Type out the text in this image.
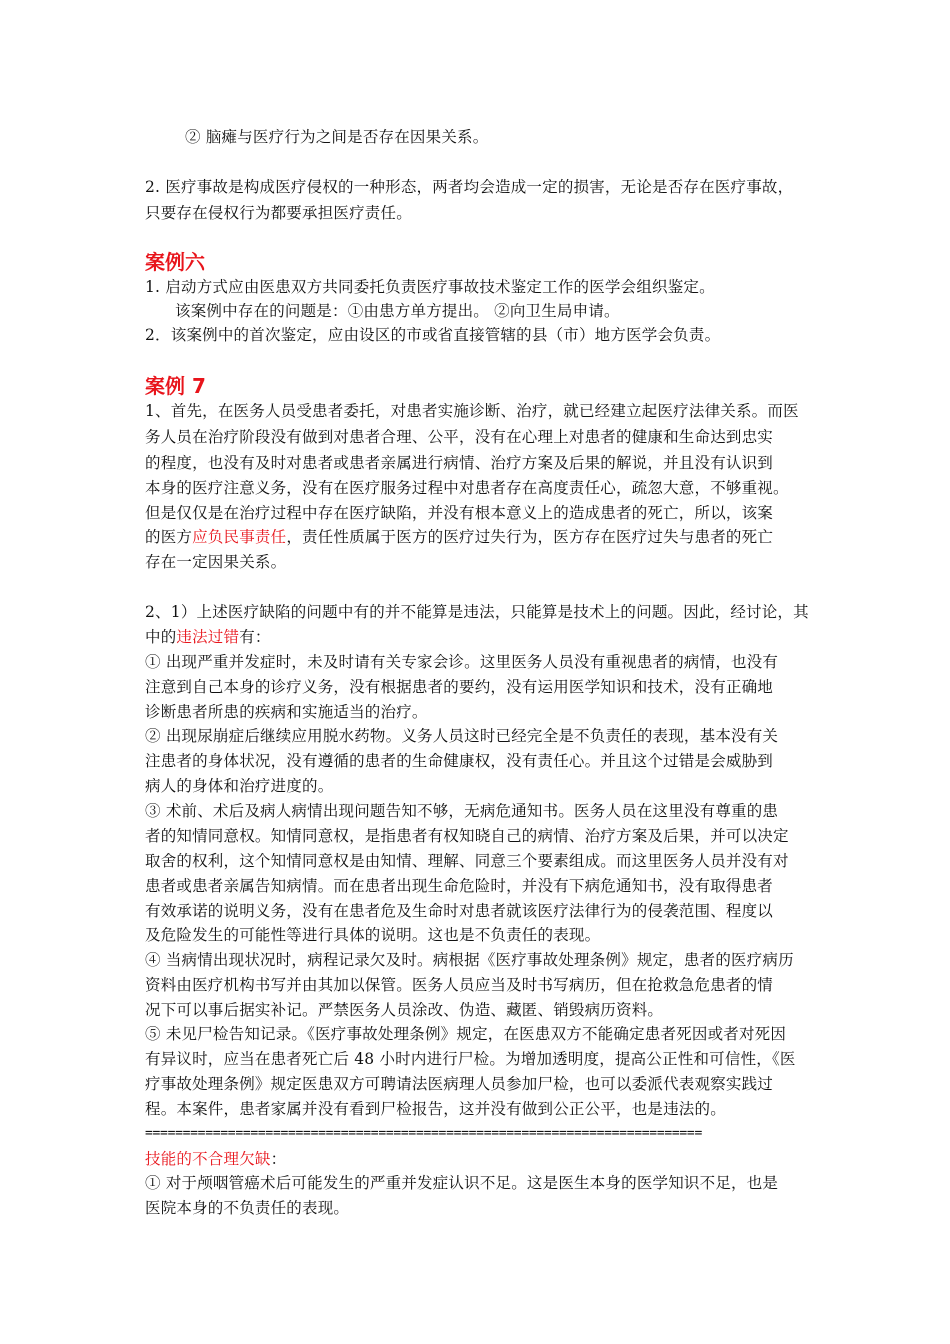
② 脑瘫与医疗行为之间是否存在因果关系。
2. 医疗事故是构成医疗侵权的一种形态，两者均会造成一定的损害，无论是否存在医疗事故，
只要存在侵权行为都要承担医疗责任。
案例六
1. 启动方式应由医患双方共同委托负责医疗事故技术鉴定工作的医学会组织鉴定。
该案例中存在的问题是：①由患方单方提出。 ②向卫生局申请。
2．该案例中的首次鉴定，应由设区的市或省直接管辖的县（市）地方医学会负责。
案例 7
1、首先，在医务人员受患者委托，对患者实施诊断、治疗，就已经建立起医疗法律关系。而医
务人员在治疗阶段没有做到对患者合理、公平，没有在心理上对患者的健康和生命达到忠实
的程度，也没有及时对患者或患者亲属进行病情、治疗方案及后果的解说，并且没有认识到
本身的医疗注意义务，没有在医疗服务过程中对患者存在高度责任心，疏忽大意，不够重视。
但是仅仅是在治疗过程中存在医疗缺陷，并没有根本意义上的造成患者的死亡，所以，该案
的医方应负民事责任，责任性质属于医方的医疗过失行为，医方存在医疗过失与患者的死亡
存在一定因果关系。
2、1）上述医疗缺陷的问题中有的并不能算是违法，只能算是技术上的问题。因此，经讨论，其
中的违法过错有：
① 出现严重并发症时，未及时请有关专家会诊。这里医务人员没有重视患者的病情，也没有
注意到自己本身的诊疗义务，没有根据患者的要约，没有运用医学知识和技术，没有正确地
诊断患者所患的疾病和实施适当的治疗。
② 出现尿崩症后继续应用脱水药物。义务人员这时已经完全是不负责任的表现，基本没有关
注患者的身体状况，没有遵循的患者的生命健康权，没有责任心。并且这个过错是会威胁到
病人的身体和治疗进度的。
③ 术前、术后及病人病情出现问题告知不够，无病危通知书。医务人员在这里没有尊重的患
者的知情同意权。知情同意权，是指患者有权知晓自己的病情、治疗方案及后果，并可以决定
取舍的权利，这个知情同意权是由知情、理解、同意三个要素组成。而这里医务人员并没有对
患者或患者亲属告知病情。而在患者出现生命危险时，并没有下病危通知书，没有取得患者
有效承诺的说明义务，没有在患者危及生命时对患者就该医疗法律行为的侵袭范围、程度以
及危险发生的可能性等进行具体的说明。这也是不负责任的表现。
④ 当病情出现状况时，病程记录欠及时。病根据《医疗事故处理条例》规定，患者的医疗病历
资料由医疗机构书写并由其加以保管。医务人员应当及时书写病历，但在抢救急危患者的情
况下可以事后据实补记。严禁医务人员涂改、伪造、藏匿、销毁病历资料。
⑤ 未见尸检告知记录。《医疗事故处理条例》规定，在医患双方不能确定患者死因或者对死因
有异议时，应当在患者死亡后 48 小时内进行尸检。为增加透明度，提高公正性和可信性，《医
疗事故处理条例》规定医患双方可聘请法医病理人员参加尸检，也可以委派代表观察实践过
程。本案件，患者家属并没有看到尸检报告，这并没有做到公正公平，也是违法的。
==========================================================================
技能的不合理欠缺：
① 对于颅咽管癌术后可能发生的严重并发症认识不足。这是医生本身的医学知识不足，也是
医院本身的不负责任的表现。
